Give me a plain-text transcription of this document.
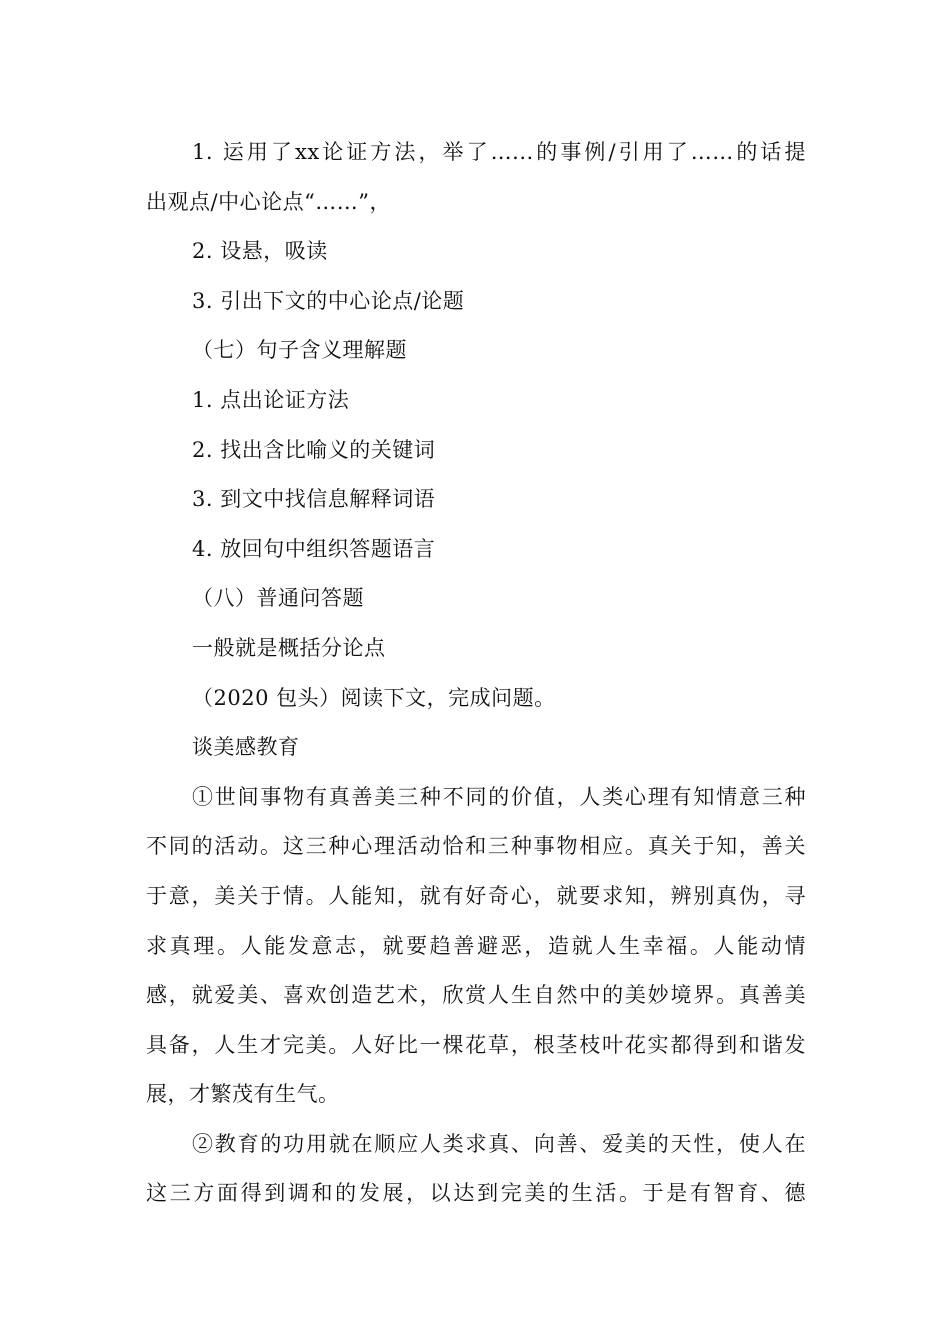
1. 运用了xx论证方法，举了…...的事例/引用了……的话提
出观点/中心论点“……”，
2. 设悬，吸读
3. 引出下文的中心论点/论题
（七）句子含义理解题
1. 点出论证方法
2. 找出含比喻义的关键词
3. 到文中找信息解释词语
4. 放回句中组织答题语言
（八）普通问答题
一般就是概括分论点
（2020 包头）阅读下文，完成问题。
谈美感教育
①世间事物有真善美三种不同的价值，人类心理有知情意三种
不同的活动。这三种心理活动恰和三种事物相应。真关于知，善关
于意，美关于情。人能知，就有好奇心，就要求知，辨别真伪，寻
求真理。人能发意志，就要趋善避恶，造就人生幸福。人能动情
感，就爱美、喜欢创造艺术，欣赏人生自然中的美妙境界。真善美
具备，人生才完美。人好比一棵花草，根茎枝叶花实都得到和谐发
展，才繁茂有生气。
②教育的功用就在顺应人类求真、向善、爱美的天性，使人在
这三方面得到调和的发展，以达到完美的生活。于是有智育、德
